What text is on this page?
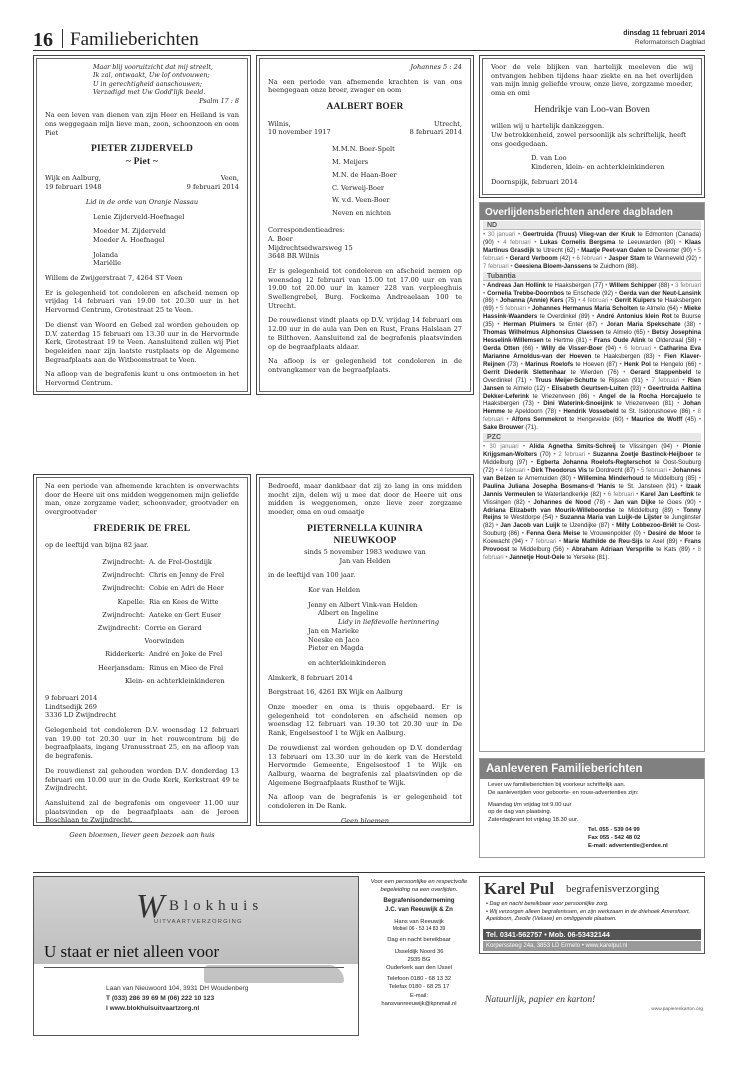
16 Familieberichten	dinsdag 11 februari 2014
Reformatorisch Dagblad

Maar blij vooruitzicht dat mij streelt,

Ik zal, ontwaakt, Uw lof ontvouwen;

U in gerechtigheid aanschouwen;

Verzadigd met Uw Godd'lijk beeld.

Psalm 17 : 8

Na een leven van dienen van zijn Heer en Heiland is van ons weggegaan mijn lieve man, zoon, schoonzoon en oom Piet

PIETER ZIJDERVELD
~ Piet ~
Wijk en Aalburg,	Veen,
19 februari 1948	9 februari 2014

Lid in de orde van Oranje Nassau

Lenie Zijderveld-Hoefnagel

Moeder M. Zijderveld

Moeder A. Hoefnagel

Jolanda

Mariëlle

Willem de Zwijgerstraat 7, 4264 ST Veen

Er is gelegenheid tot condoleren en afscheid nemen op vrijdag 14 februari van 19.00 tot 20.30 uur in het Hervormd Centrum, Grotestraat 25 te Veen.

De dienst van Woord en Gebed zal worden gehouden op D.V. zaterdag 15 februari om 13.30 uur in de Hervormde Kerk, Grotestraat 19 te Veen. Aansluitend zullen wij Piet begeleiden naar zijn laatste rustplaats op de Algemene Begraafplaats aan de Witboomstraat te Veen.

Na afloop van de begrafenis kunt u ons ontmoeten in het Hervormd Centrum.

Johannes 5 : 24

Na een periode van afnemende krachten is van ons heengegaan onze broer, zwager en oom

AALBERT BOER
Wilnis,	Utrecht,
10 november 1917	8 februari 2014

M.M.N. Boer-Spelt

M. Meijers

M.N. de Haan-Boer

C. Verweij-Boer

W. v.d. Veen-Boer

Neven en nichten

Correspondentieadres:

A. Boer

Mijdrechtsedwarsweg 15

3648 BR Wilnis

Er is gelegenheid tot condoleren en afscheid nemen op woensdag 12 februari van 15.00 tot 17.00 uur en van 19.00 tot 20.00 uur in kamer 228 van verpleeghuis Swellengrebel, Burg. Fockema Andreaelaan 100 te Utrecht.

De rouwdienst vindt plaats op D.V. vrijdag 14 februari om 12.00 uur in de aula van Den en Rust, Frans Halslaan 27 te Bilthoven. Aansluitend zal de begrafenis plaatsvinden op de begraafplaats aldaar.

Na afloop is er gelegenheid tot condoleren in de ontvangkamer van de begraafplaats.

Voor de vele blijken van hartelijk meeleven die wij ontvangen hebben tijdens haar ziekte en na het overlijden van mijn innig geliefde vrouw, onze lieve, zorgzame moeder, oma en omi

Hendrikje van Loo-van Boven

willen wij u hartelijk dankzeggen.

Uw betrokkenheid, zowel persoonlijk als schriftelijk, heeft ons goedgedaan.

D. van Loo

Kinderen, klein- en achterkleinkinderen

Doornspijk, februari 2014

Overlijdensberichten andere dagbladen
ND
• 30 januari • Geertruida (Truus) Vlieg-van der Kruk te Edmonton (Canada) (90) • 4 februari • Lukas Cornelis Bergsma te Leeuwarden (80) • Klaas Martinus Grasdijk te Utrecht (62) • Maatje Peet-van Galen te Deventer (90) • 5 februari • Gerard Verboom (42) • 6 februari • Jasper Stam te Wanneveld (92) • 7 februari • Geesiena Bloem-Janssens te Zuidhorn (88).
Tubantia
• Andreas Jan Hollink te Haaksbergen (77) • Willem Schipper (88) • 3 februari • Cornelia Trebbe-Doornbos te Enschede (92) • Gerda van der Neut-Lansink (86) • Johanna (Annie) Kers (75) • 4 februari • Gerrit Kuipers te Haaksbergen (69) • 5 februari • Johannes Hermanus Maria Scholten te Almelo (64) • Mieke Hassink-Waanders te Overdinkel (89) • André Antonius klein Rot te Buurse (35) • Herman Pluimers te Enter (87) • Joran Maria Spekschate (38) • Thomas Wilhelmus Alphonsius Claessen te Almelo (65) • Betsy Josephina Hesselink-Willemsen te Hertme (81) • Frans Oude Alink te Oldenzaal (58) • Gerda Otten (66) • Willy de Visser-Boer (94) • 6 februari • Catharina Eva Marianne Arnoldus-van der Hoeven te Haaksbergen (83) • Fien Klaver-Reijnen (73) • Marinus Roelofs te Hoeven (87) • Henk Pol te Hengelo (66) • Gerrit Diederik Slettenhaar te Wierden (76) • Gerard Stappenbeld te Overdinkel (71) • Truus Meijer-Schutte te Rijssen (91) • 7 februari • Rien Jansen te Almelo (12) • Elisabeth Geurtsen-Luiten (93) • Geertruida Aaltina Dekker-Leferink te Vriezenveen (86) • Angel de la Rocha Horcajuelo te Haaksbergen (73) • Dini Waterink-Snoeijink te Vriezenveen (81) • Johan Hemme te Apeldoorn (78) • Hendrik Vossebeld te St. Isidorushoeve (86) • 8 februari • Alfons Semmekrot te Hengevelde (60) • Maurice de Wolff (45) • Sake Brouwer (71).
PZC
• 30 januari • Alida Agnetha Smits-Schreij te Vlissingen (94) • Plonie Krijgsman-Wolters (70) • 2 februari • Suzanna Zoetje Bastinck-Heijboer te Middelburg (97) • Egberta Johanna Roelofs-Regterschot te Oost-Souburg (72) • 4 februari • Dirk Theodorus Vis te Dordrecht (87) • 5 februari • Johannes van Belzen te Arnemuiden (80) • Willemina Minderhoud te Middelburg (85) • Paulina Juliana Josepha Bosmans-d 'Hanis te St. Jansteen (91) • Izaak Jannis Vermeulen te Waterlandkerkje (82) • 6 februari • Karel Jan Leeftink te Vlissingen (82) • Johannes de Nood (78) • Jan van Dijke te Goes (90) • Adriana Elizabeth van Mourik-Willeboordse te Middelburg (89) • Tonny Reijns te Westdorpe (54) • Suzanna Maria van Luijk-de Lijster te Junglinster (82) • Jan Jacob van Luijk te IJzendijke (87) • Milly Lobbezoo-Briët te Oost-Souburg (86) • Fenna Gera Meise te Vrouwenpolder (0) • Desiré de Moor te Koewacht (94) • 7 februari • Marie Mathilde de Reu-Sijs te Axel (89) • Frans Provoost te Middelburg (56) • Abraham Adriaan Versprille te Kats (89) • 8 februari • Jannetje Hout-Oele te Yerseke (81).

Na een periode van afnemende krachten is onverwachts door de Heere uit ons midden weggenomen mijn geliefde man, onze zorgzame vader, schoonvader, grootvader en overgrootvader

FREDERIK DE FREL

op de leeftijd van bijna 82 jaar.

Zwijndrecht: A. de Frel-Oostdijk
Zwijndrecht: Chris en Jenny de Frel
Zwijndrecht: Cobie en Adri de Heer
Kapelle: Ria en Kees de Witte
Zwijndrecht: Aateke en Gert Euser
Zwijndrecht: Corrie en Gerard Voorwinden
Ridderkerk: André en Joke de Frel
Heerjansdam: Rinus en Mieo de Frel

Klein- en achterkleinkinderen

9 februari 2014

Lindtsedijk 269

3336 LD Zwijndrecht

Gelegenheid tot condoleren D.V. woensdag 12 februari van 19.00 tot 20.30 uur in het rouwcentrum bij de begraafplaats, ingang Uranusstraat 25, en na afloop van de begrafenis.

De rouwdienst zal gehouden worden D.V. donderdag 13 februari om 10.00 uur in de Oude Kerk, Kerkstraat 49 te Zwijndrecht.

Aansluitend zal de begrafenis om ongeveer 11.00 uur plaatsvinden op de begraafplaats aan de Jeroen Boschlaan te Zwijndrecht.

Geen bloemen, liever geen bezoek aan huis

Bedroefd, maar dankbaar dat zij zo lang in ons midden mocht zijn, delen wij u mee dat door de Heere uit ons midden is weggenomen, onze lieve zeer zorgzame moeder, oma en oud omaatje

PIETERNELLA KUINIRA
NIEUWKOOP

sinds 5 november 1983 weduwe van

Jan van Helden

in de leeftijd van 100 jaar.

Kor van Helden

Jenny en Albert Vink-van Helden

Albert en Ingeline

Lidy in liefdevolle herinnering

Jan en Marieke

Neeske en Jaco

Pieter en Magda

en achterkleinkinderen

Almkerk, 8 februari 2014

Bergstraat 16, 4261 BX Wijk en Aalburg

Onze moeder en oma is thuis opgebaard. Er is gelegenheid tot condoleren en afscheid nemen op woensdag 12 februari van 19.30 tot 20.30 uur in De Rank, Engelsestoof 1 te Wijk en Aalburg.

De rouwdienst zal worden gehouden op D.V. donderdag 13 februari om 13.30 uur in de kerk van de Hersteld Hervormde Gemeente, Engelsestoof 1 te Wijk en Aalburg, waarna de begrafenis zal plaatsvinden op de Algemene Begraafplaats Rusthof te Wijk.

Na afloop van de begrafenis is er gelegenheid tot condoleren in De Rank.

Geen bloemen

Aanleveren Familieberichten

Lever uw familieberichten bij voorkeur schriftelijk aan.

De aanleverijden voor geboorte- en rouw-advertenties zijn:

Maandag t/m vrijdag tot 9.00 uur

op de dag van plaatsing.

Zaterdagkrant tot vrijdag 18.30 uur.

Tel. 055 - 539 04 99

Fax 055 - 542 48 02

E-mail: advertentie@erdee.nl

W Blokhuis
UITVAARTVERZORGING
U staat er niet alleen voor
Laan van Nieuwoord 104, 3931 DH Woudenberg
T (033) 286 39 69 M (06) 222 10 123
I www.blokhuisuitvaartzorg.nl

Voor een persoonlijke en respectvolle begeleiding na een overlijden.

Begrafenisonderneming

J.C. van Reeuwijk & Zn

Hans van Reeuwijk

Mobiel 06 - 53 14 83 39

Dag en nacht bereikbaar

IJsseldijk Noord 36

2935 BG

Ouderkerk aan den IJssel

Telefoon 0180 - 68 13 32

Telefax 0180 - 68 25 17

E-mail:

hansvanreeuwijk@kpnmail.nl

Karel Pul begrafenisverzorging
• Dag en nacht bereikbaar voor persoonlijke zorg.
• Wij verzorgen alleen begrafenissen, en zijn werkzaam in de driehoek Amersfoort, Apeldoorn, Zwolle (Veluwe) en omliggende plaatsen.
Tel. 0341-562757 • Mob. 06-53432144
Korperssteeg 24a, 3853 LD Ermelo • www.karelpul.nl
Natuurlijk, papier en karton!
www.papierenkarton.org
